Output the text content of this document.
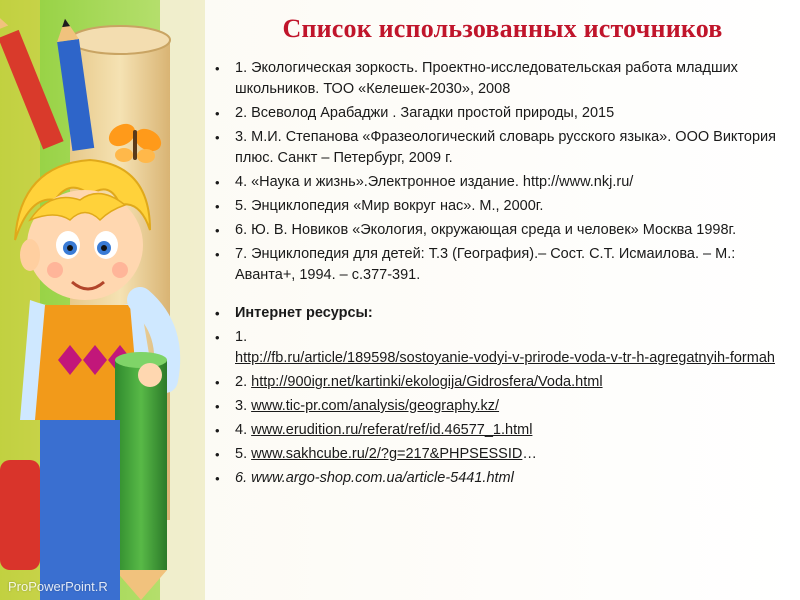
Список использованных источников
• 1. Экологическая зоркость. Проектно-исследовательская работа младших школьников. ТОО «Келешек-2030», 2008
• 2. Всеволод Арабаджи . Загадки простой природы, 2015
• 3. М.И. Степанова «Фразеологический словарь русского языка». ООО Виктория плюс. Санкт – Петербург, 2009 г.
• 4. «Наука и жизнь».Электронное издание. http://www.nkj.ru/
• 5. Энциклопедия «Мир вокруг нас». М., 2000г.
• 6. Ю. В. Новиков «Экология, окружающая среда и человек» Москва 1998г.
• 7. Энциклопедия для детей: Т.3 (География).– Сост. С.Т. Исмаилова. – М.: Аванта+, 1994. – с.377-391.
• Интернет ресурсы:
• 1.
http://fb.ru/article/189598/sostoyanie-vodyi-v-prirode-voda-v-tr-h-agregatnyih-formah
• 2. http://900igr.net/kartinki/ekologija/Gidrosfera/Voda.html
• 3. www.tic-pr.com/analysis/geography.kz/
• 4. www.erudition.ru/referat/ref/id.46577_1.html
• 5. www.sakhcube.ru/2/?g=217&PHPSESSID…
• 6. www.argo-shop.com.ua/article-5441.html
ProPowerPoint.R
